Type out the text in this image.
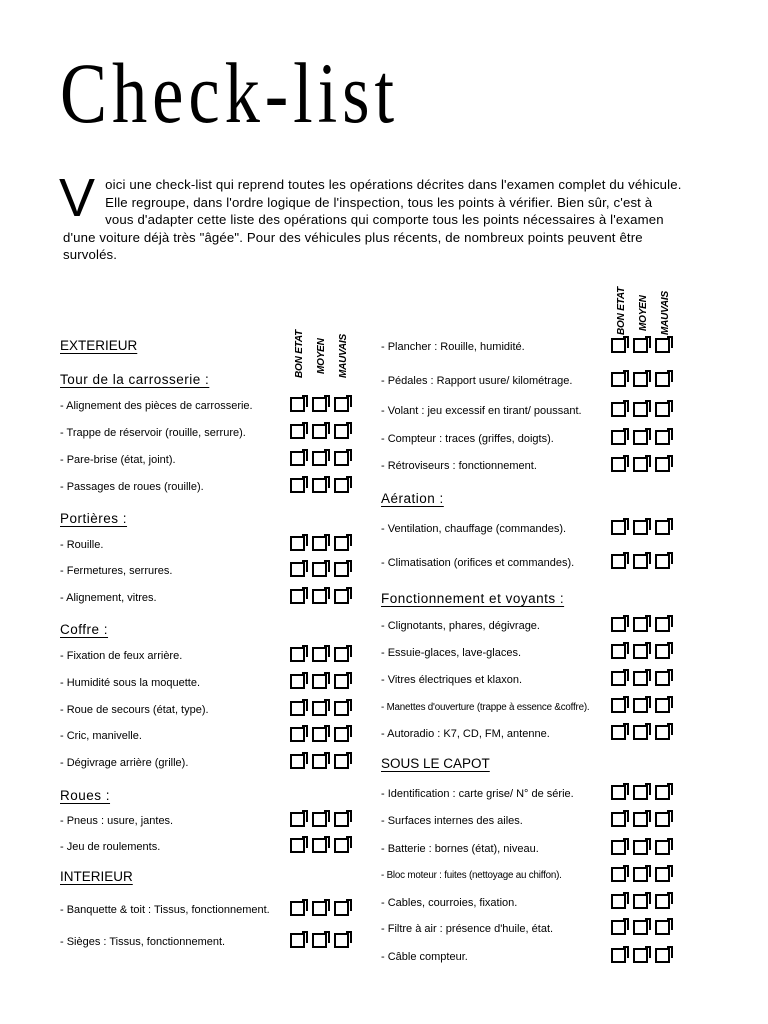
Check-list
Voici une check-list qui reprend toutes les opérations décrites dans l'examen complet du véhicule. Elle regroupe, dans l'ordre logique de l'inspection, tous les points à vérifier. Bien sûr, c'est à vous d'adapter cette liste des opérations qui comporte tous les points nécessaires à l'examen d'une voiture déjà très "âgée". Pour des véhicules plus récents, de nombreux points peuvent être survolés.
BON ETAT MOYEN MAUVAIS
BON ETAT MOYEN MAUVAIS
EXTERIEUR
Tour de la carrosserie :
- Alignement des pièces de carrosserie.
- Trappe de réservoir (rouille, serrure).
- Pare-brise (état, joint).
- Passages de roues (rouille).
Portières :
- Rouille.
- Fermetures, serrures.
- Alignement, vitres.
Coffre :
- Fixation de feux arrière.
- Humidité sous la moquette.
- Roue de secours (état, type).
- Cric, manivelle.
- Dégivrage arrière (grille).
Roues :
- Pneus : usure, jantes.
- Jeu de roulements.
INTERIEUR
- Banquette & toit : Tissus, fonctionnement.
- Sièges : Tissus, fonctionnement.
- Plancher : Rouille, humidité.
- Pédales : Rapport usure/ kilométrage.
- Volant : jeu excessif en tirant/ poussant.
- Compteur : traces (griffes, doigts).
- Rétroviseurs : fonctionnement.
Aération :
- Ventilation, chauffage (commandes).
- Climatisation (orifices et commandes).
Fonctionnement et voyants :
- Clignotants, phares, dégivrage.
- Essuie-glaces, lave-glaces.
- Vitres électriques et klaxon.
- Manettes d'ouverture (trappe à essence &coffre).
- Autoradio : K7, CD, FM, antenne.
SOUS LE CAPOT
- Identification : carte grise/ N° de série.
- Surfaces internes des ailes.
- Batterie : bornes (état), niveau.
- Bloc moteur : fuites (nettoyage au chiffon).
- Cables, courroies, fixation.
- Filtre à air : présence d'huile, état.
- Câble compteur.
